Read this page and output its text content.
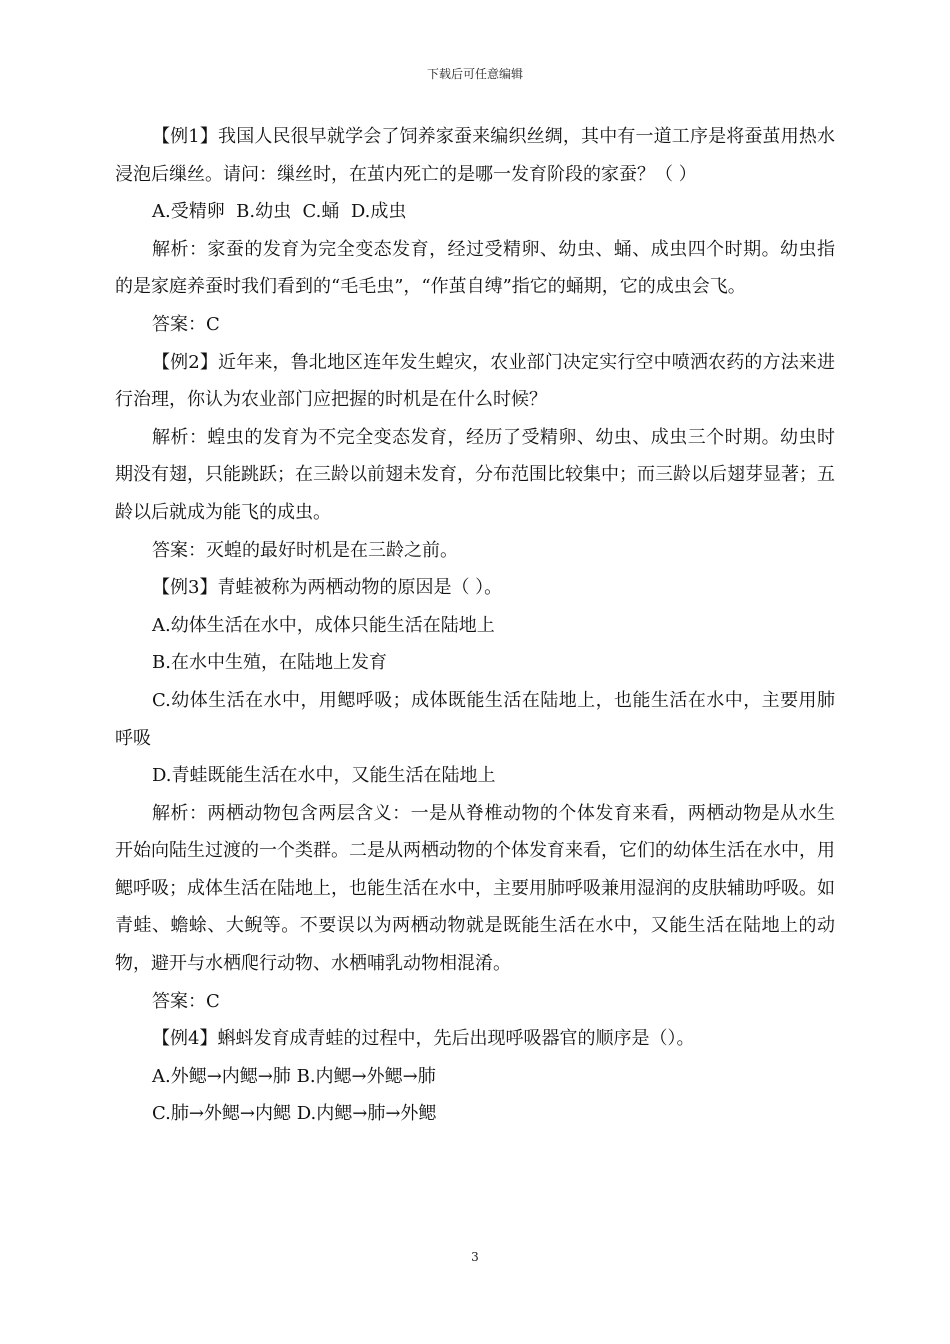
下载后可任意编辑

【例1】我国人民很早就学会了饲养家蚕来编织丝绸，其中有一道工序是将蚕茧用热水浸泡后缫丝。请问：缫丝时，在茧内死亡的是哪一发育阶段的家蚕？（ ）

A.受精卵  B.幼虫  C.蛹  D.成虫

解析：家蚕的发育为完全变态发育，经过受精卵、幼虫、蛹、成虫四个时期。幼虫指的是家庭养蚕时我们看到的“毛毛虫”，“作茧自缚”指它的蛹期，它的成虫会飞。

答案：C

【例2】近年来，鲁北地区连年发生蝗灾，农业部门决定实行空中喷洒农药的方法来进行治理，你认为农业部门应把握的时机是在什么时候？

解析：蝗虫的发育为不完全变态发育，经历了受精卵、幼虫、成虫三个时期。幼虫时期没有翅，只能跳跃；在三龄以前翅未发育，分布范围比较集中；而三龄以后翅芽显著；五龄以后就成为能飞的成虫。

答案：灭蝗的最好时机是在三龄之前。

【例3】青蛙被称为两栖动物的原因是（ ）。

A.幼体生活在水中，成体只能生活在陆地上

B.在水中生殖，在陆地上发育

C.幼体生活在水中，用鳃呼吸；成体既能生活在陆地上，也能生活在水中，主要用肺呼吸

D.青蛙既能生活在水中，又能生活在陆地上

解析：两栖动物包含两层含义：一是从脊椎动物的个体发育来看，两栖动物是从水生开始向陆生过渡的一个类群。二是从两栖动物的个体发育来看，它们的幼体生活在水中，用鳃呼吸；成体生活在陆地上，也能生活在水中，主要用肺呼吸兼用湿润的皮肤辅助呼吸。如青蛙、蟾蜍、大鲵等。不要误以为两栖动物就是既能生活在水中，又能生活在陆地上的动物，避开与水栖爬行动物、水栖哺乳动物相混淆。

答案：C

【例4】蝌蚪发育成青蛙的过程中，先后出现呼吸器官的顺序是（）。

A.外鳃→内鳃→肺 B.内鳃→外鳃→肺

C.肺→外鳃→内鳃 D.内鳃→肺→外鳃

3
